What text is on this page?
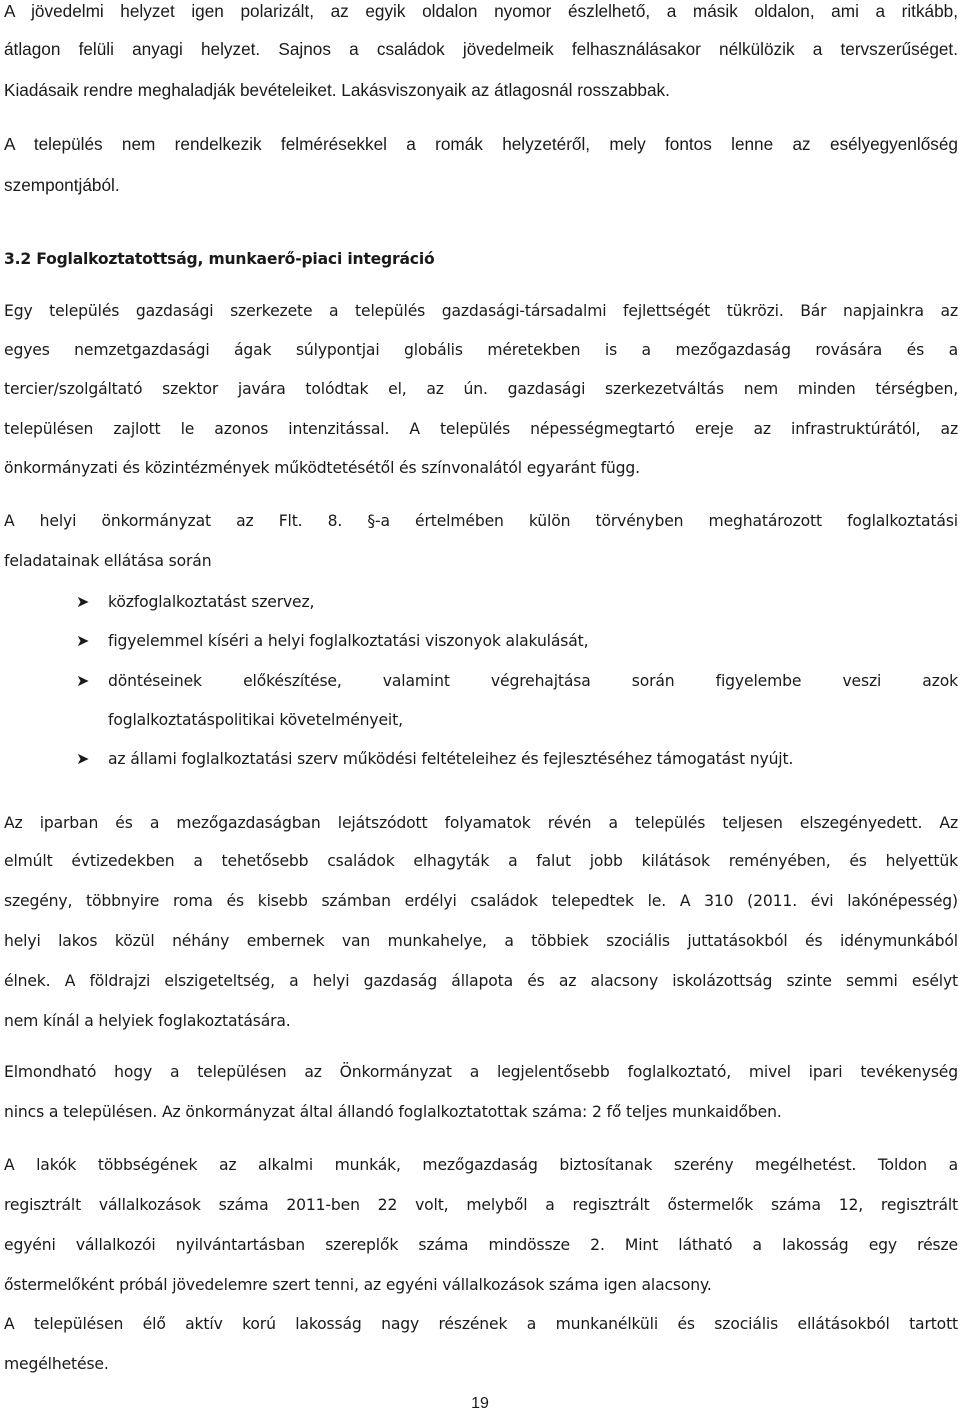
A jövedelmi helyzet igen polarizált, az egyik oldalon nyomor észlelhető, a másik oldalon, ami a ritkább,
átlagon felüli anyagi helyzet. Sajnos a családok jövedelmeik felhasználásakor nélkülözik a tervszerűséget.
Kiadásaik rendre meghaladják bevételeiket. Lakásviszonyaik az átlagosnál rosszabbak.
A település nem rendelkezik felmérésekkel a romák helyzetéről, mely fontos lenne az esélyegyenlőség
szempontjából.
3.2 Foglalkoztatottság, munkaerő-piaci integráció
Egy település gazdasági szerkezete a település gazdasági-társadalmi fejlettségét tükrözi. Bár napjainkra az
egyes nemzetgazdasági ágak súlypontjai globális méretekben is a mezőgazdaság rovására és a
tercier/szolgáltató szektor javára tolódtak el, az ún. gazdasági szerkezetváltás nem minden térségben,
településen zajlott le azonos intenzitással. A település népességmegtartó ereje az infrastruktúrától, az
önkormányzati és közintézmények működtetésétől és színvonalától egyaránt függ.
A helyi önkormányzat az Flt. 8. §-a értelmében külön törvényben meghatározott foglalkoztatási
feladatainak ellátása során
➤ közfoglalkoztatást szervez,
➤ figyelemmel kíséri a helyi foglalkoztatási viszonyok alakulását,
➤ döntéseinek előkészítése, valamint végrehajtása során figyelembe veszi azok
foglalkoztatáspolitikai követelményeit,
➤ az állami foglalkoztatási szerv működési feltételeihez és fejlesztéséhez támogatást nyújt.
Az iparban és a mezőgazdaságban lejátszódott folyamatok révén a település teljesen elszegényedett. Az
elmúlt évtizedekben a tehetősebb családok elhagyták a falut jobb kilátások reményében, és helyettük
szegény, többnyire roma és kisebb számban erdélyi családok telepedtek le. A 310 (2011. évi lakónépesség)
helyi lakos közül néhány embernek van munkahelye, a többiek szociális juttatásokból és idénymunkából
élnek. A földrajzi elszigeteltség, a helyi gazdaság állapota és az alacsony iskolázottság szinte semmi esélyt
nem kínál a helyiek foglakoztatására.
Elmondható hogy a településen az Önkormányzat a legjelentősebb foglalkoztató, mivel ipari tevékenység
nincs a településen. Az önkormányzat által állandó foglalkoztatottak száma: 2 fő teljes munkaidőben.
A lakók többségének az alkalmi munkák, mezőgazdaság biztosítanak szerény megélhetést. Toldon a
regisztrált vállalkozások száma 2011-ben 22 volt, melyből a regisztrált őstermelők száma 12, regisztrált
egyéni vállalkozói nyilvántartásban szereplők száma mindössze 2. Mint látható a lakosság egy része
őstermelőként próbál jövedelemre szert tenni, az egyéni vállalkozások száma igen alacsony.
A településen élő aktív korú lakosság nagy részének a munkanélküli és szociális ellátásokból tartott
megélhetése.
19
